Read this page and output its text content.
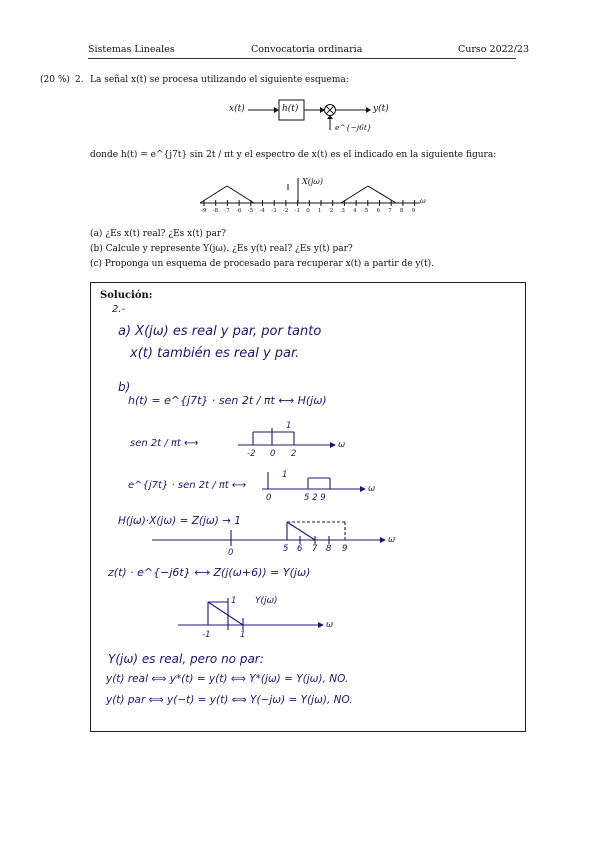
Sistemas Lineales	Convocatoria ordinaria	Curso 2022/23
(20 %) 2. La señal x(t) se procesa utilizando el siguiente esquema:
x(t)	h(t)	y(t)
e^{−j6t}
donde h(t) = e^{j7t} sin 2t / πt y el espectro de x(t) es el indicado en la siguiente figura:
X(jω)
ω
-9 -8 -7 -6 -5 -4 -3 -2 -1 0 1 2 3 4 5 6 7 8 9
(a) ¿Es x(t) real? ¿Es x(t) par?
(b) Calcule y represente Y(jω). ¿Es y(t) real? ¿Es y(t) par?
(c) Proponga un esquema de procesado para recuperar x(t) a partir de y(t).
Solución:
2.-
a) X(jω) es real y par, por tanto
x(t) también es real y par.
b)
h(t) = e^{j7t} · sen 2t / πt ⟷ H(jω)
sen 2t / πt ⟷
e^{j7t} · sen 2t / πt ⟷
H(jω)·X(jω) = Z(jω) → 1
z(t) · e^{−j6t} ⟷ Z(j(ω+6)) = Y(jω)
Y(jω)
Y(jω) es real, pero no par:
y(t) real ⟺ y*(t) = y(t) ⟺ Y*(jω) = Y(jω), NO.
y(t) par ⟺ y(−t) = y(t) ⟺ Y(−jω) = Y(jω), NO.
1
-2 0 2
ω
1
0	5 2 9
ω
0	5 6 7 8 9
ω
1
-1	1
ω
